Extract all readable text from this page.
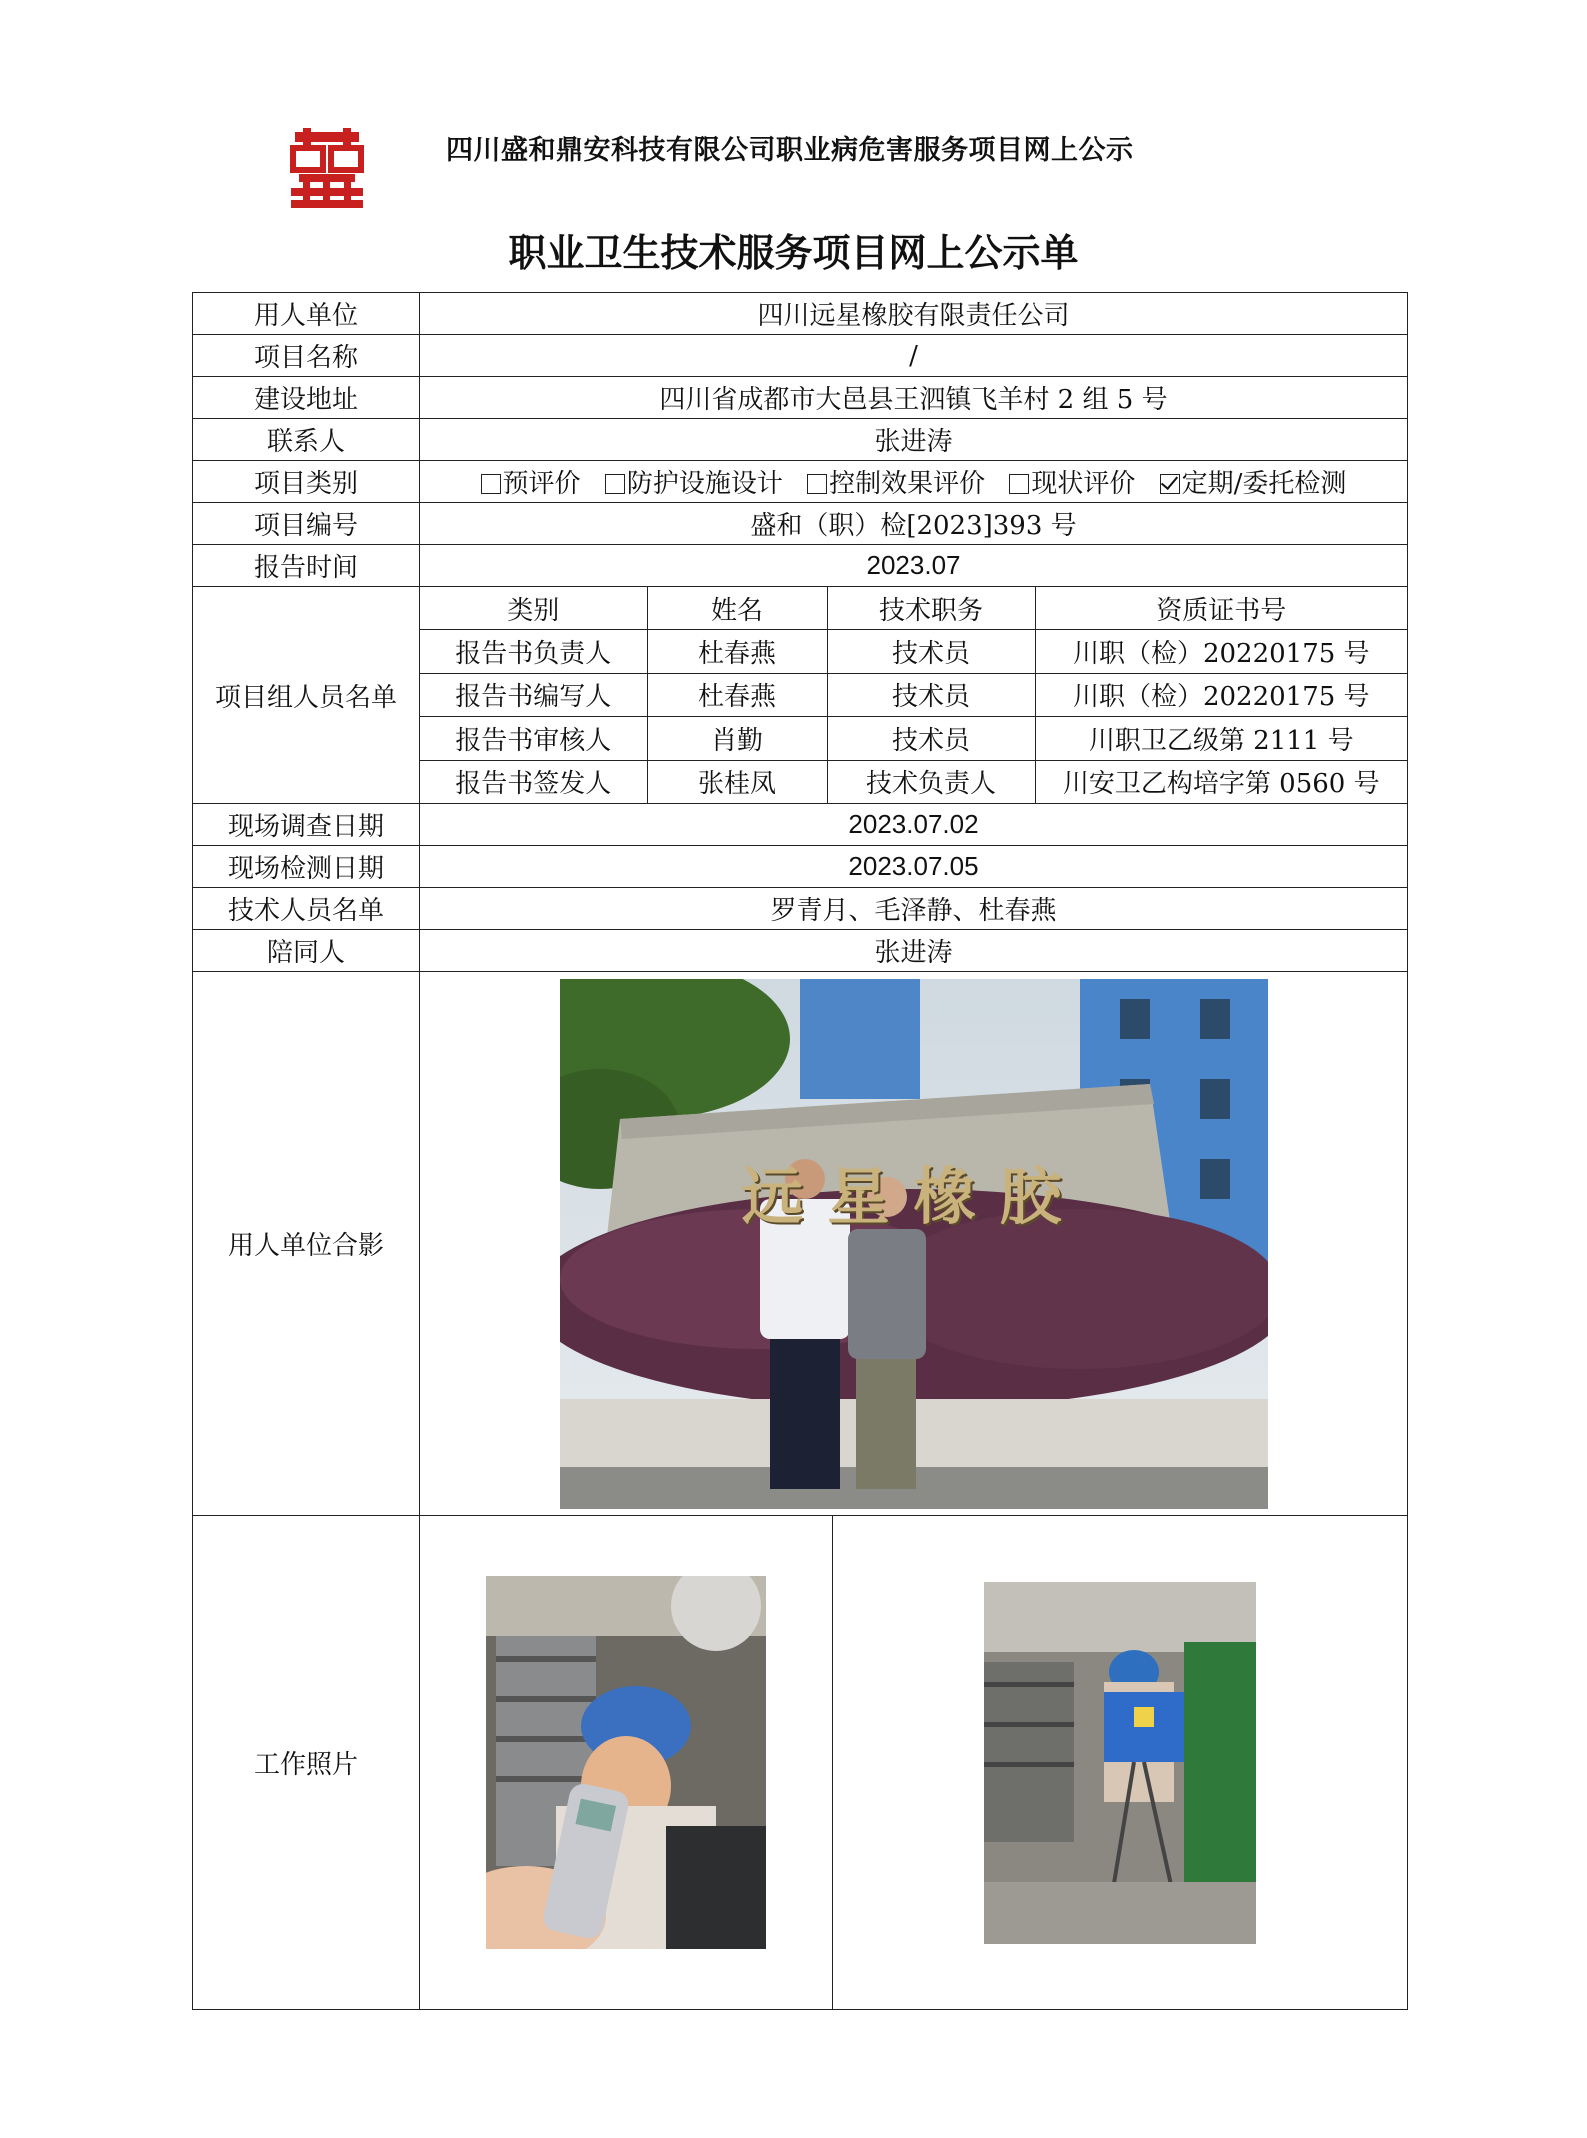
四川盛和鼎安科技有限公司职业病危害服务项目网上公示
职业卫生技术服务项目网上公示单
用人单位	四川远星橡胶有限责任公司
项目名称	/
建设地址	四川省成都市大邑县王泗镇飞羊村 2 组 5 号
联系人	张进涛
项目类别	预评价 防护设施设计 控制效果评价 现状评价 定期/委托检测
项目编号	盛和（职）检[2023]393 号
报告时间	2023.07
项目组人员名单	
类别	姓名	技术职务	资质证书号
报告书负责人	杜春燕	技术员	川职（检）20220175 号
报告书编写人	杜春燕	技术员	川职（检）20220175 号
报告书审核人	肖勤	技术员	川职卫乙级第 2111 号
报告书签发人	张桂凤	技术负责人	川安卫乙构培字第 0560 号

现场调查日期	2023.07.02
现场检测日期	2023.07.05
技术人员名单	罗青月、毛泽静、杜春燕
陪同人	张进涛
用人单位合影	
远星橡胶

工作照片	
